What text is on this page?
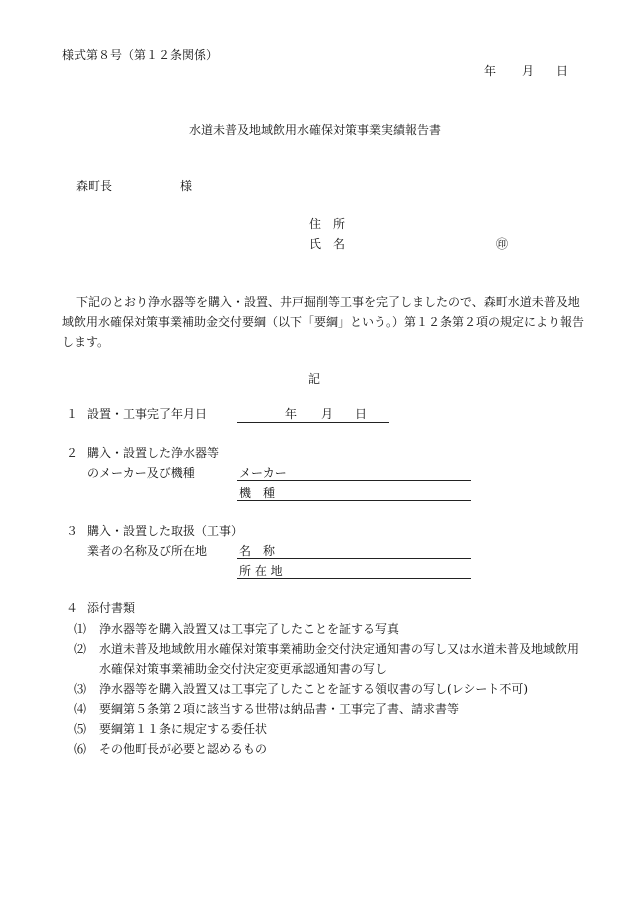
様式第８号（第１２条関係）
年 月 日
水道未普及地域飲用水確保対策事業実績報告書
森町長	様
住　所
氏　名	㊞
下記のとおり浄水器等を購入・設置、井戸掘削等工事を完了しましたので、森町水道未普及地
域飲用水確保対策事業補助金交付要綱（以下「要綱」という。）第１２条第２項の規定により報告
します。
記
１ 設置・工事完了年月日	年 月 日
２ 購入・設置した浄水器等
のメーカー及び機種	メーカー
機　種
３ 購入・設置した取扱（工事）
業者の名称及び所在地	名　称
所 在 地
４ 添付書類
⑴ 浄水器等を購入設置又は工事完了したことを証する写真
⑵ 水道未普及地域飲用水確保対策事業補助金交付決定通知書の写し又は水道未普及地域飲用
水確保対策事業補助金交付決定変更承認通知書の写し
⑶ 浄水器等を購入設置又は工事完了したことを証する領収書の写し(レシート不可)
⑷ 要綱第５条第２項に該当する世帯は納品書・工事完了書、請求書等
⑸ 要綱第１１条に規定する委任状
⑹ その他町長が必要と認めるもの
